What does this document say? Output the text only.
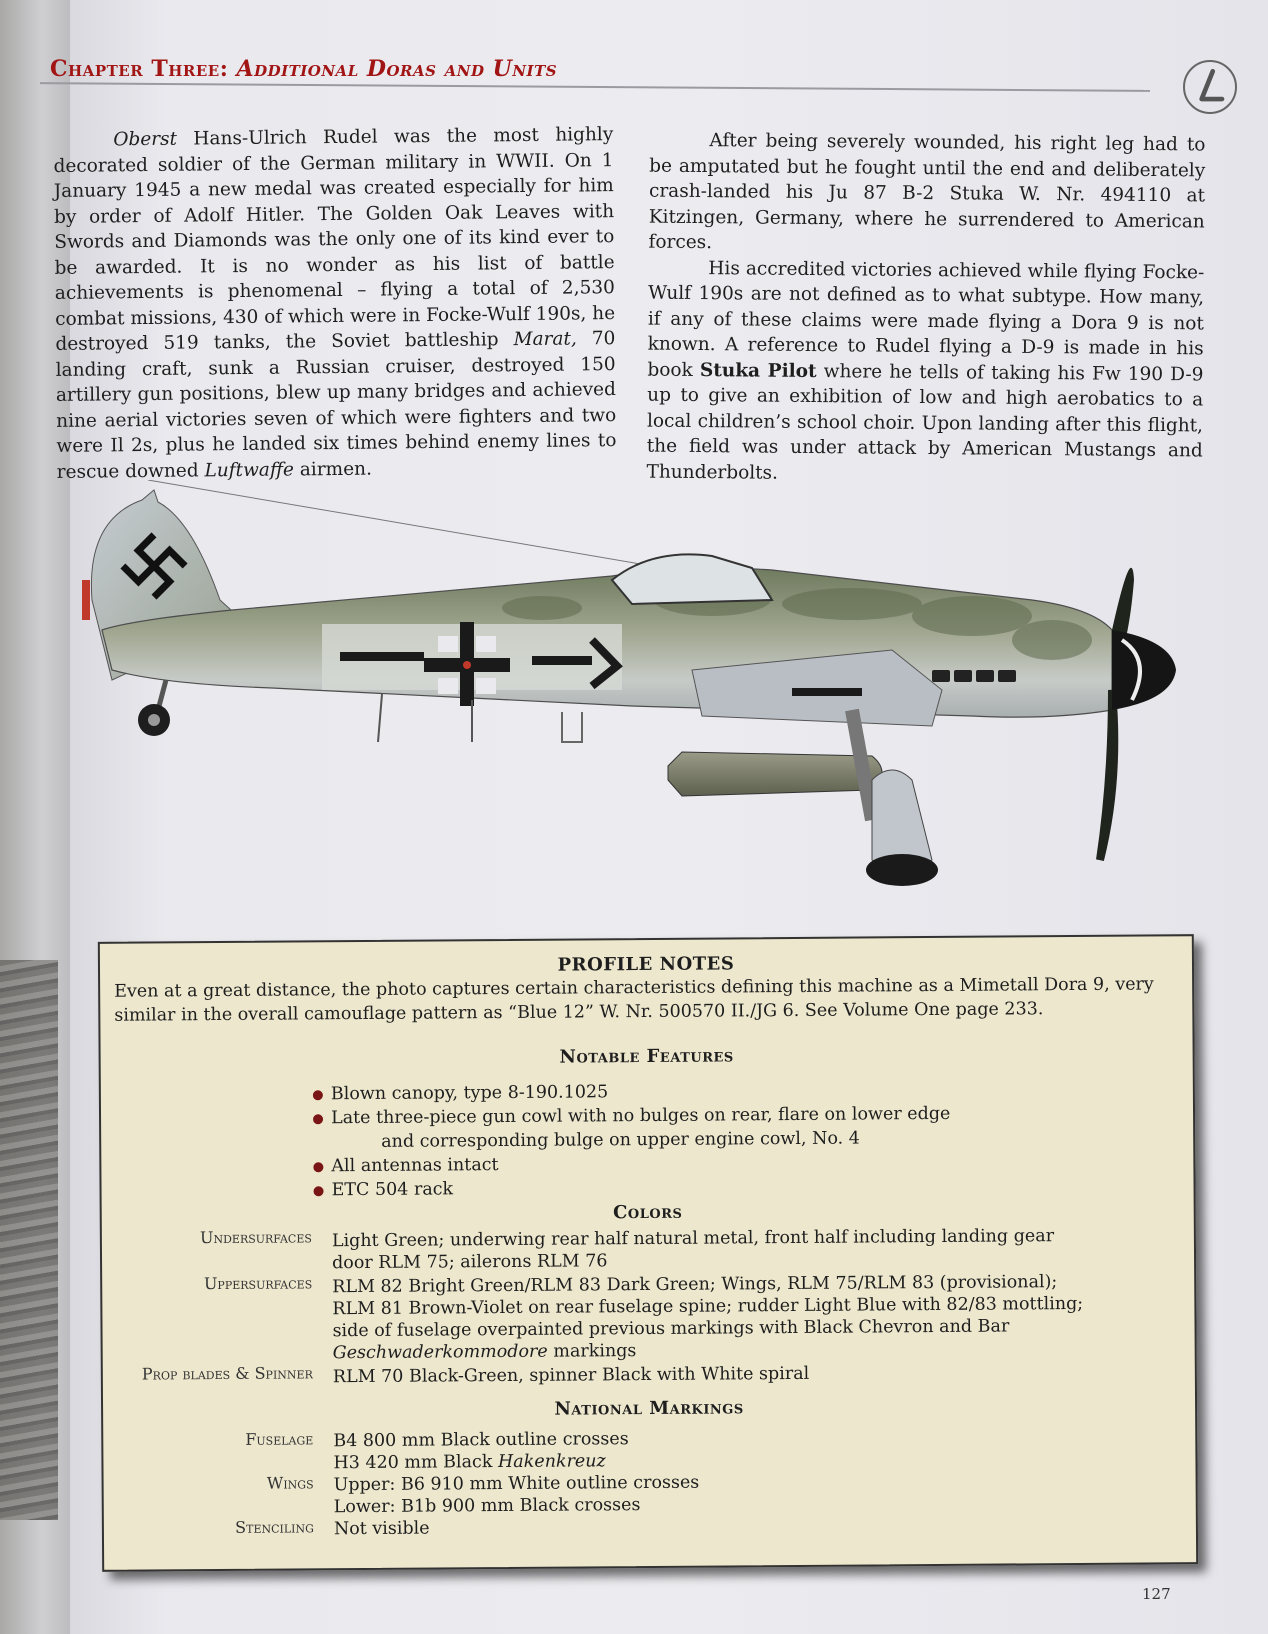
Chapter Three: Additional Doras and Units

Oberst Hans-Ulrich Rudel was the most highly decorated soldier of the German military in WWII. On 1 January 1945 a new medal was created especially for him by order of Adolf Hitler. The Golden Oak Leaves with Swords and Diamonds was the only one of its kind ever to be awarded. It is no wonder as his list of battle achievements is phenomenal – flying a total of 2,530 combat missions, 430 of which were in Focke-Wulf 190s, he destroyed 519 tanks, the Soviet battleship Marat, 70 landing craft, sunk a Russian cruiser, destroyed 150 artillery gun positions, blew up many bridges and achieved nine aerial victories seven of which were fighters and two were Il 2s, plus he landed six times behind enemy lines to rescue downed Luftwaffe airmen.

After being severely wounded, his right leg had to be amputated but he fought until the end and deliberately crash-landed his Ju 87 B-2 Stuka W. Nr. 494110 at Kitzingen, Germany, where he surrendered to American forces.

His accredited victories achieved while flying Focke-Wulf 190s are not defined as to what subtype. How many, if any of these claims were made flying a Dora 9 is not known. A reference to Rudel flying a D-9 is made in his book Stuka Pilot where he tells of taking his Fw 190 D-9 up to give an exhibition of low and high aerobatics to a local children’s school choir. Upon landing after this flight, the field was under attack by American Mustangs and Thunderbolts.

PROFILE NOTES
Even at a great distance, the photo captures certain characteristics defining this machine as a Mimetall Dora 9, very similar in the overall camouflage pattern as “Blue 12” W. Nr. 500570 II./JG 6. See Volume One page 233.
Notable Features
Blown canopy, type 8-190.1025
Late three-piece gun cowl with no bulges on rear, flare on lower edge
and corresponding bulge on upper engine cowl, No. 4
All antennas intact
ETC 504 rack
Colors
Undersurfaces Light Green; underwing rear half natural metal, front half including landing gear
door RLM 75; ailerons RLM 76
Uppersurfaces RLM 82 Bright Green/RLM 83 Dark Green; Wings, RLM 75/RLM 83 (provisional);
RLM 81 Brown-Violet on rear fuselage spine; rudder Light Blue with 82/83 mottling;
side of fuselage overpainted previous markings with Black Chevron and Bar
Geschwaderkommodore markings
Prop blades & Spinner RLM 70 Black-Green, spinner Black with White spiral
National Markings
Fuselage B4 800 mm Black outline crosses
H3 420 mm Black Hakenkreuz
Wings Upper: B6 910 mm White outline crosses
Lower: B1b 900 mm Black crosses
Stenciling Not visible
127
